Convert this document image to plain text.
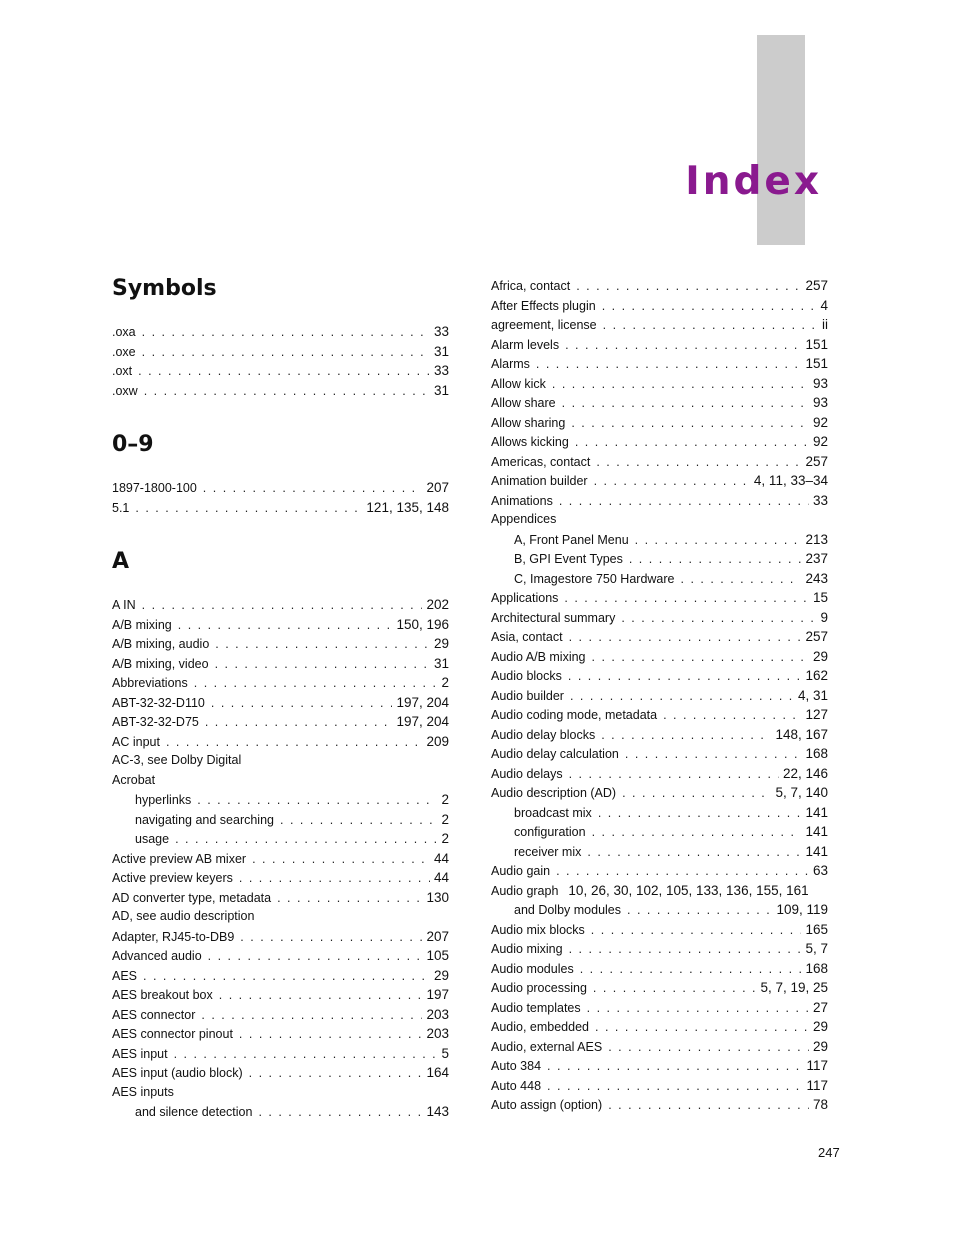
Index
Symbols
.oxa . . .	33
.oxe . . .	31
.oxt . . .	33
.oxw . . .	31
0–9
1897-1800-100 . . .	207
5.1 . . .	121, 135, 148
A
A IN . . .	202
A/B mixing . . .	150, 196
A/B mixing, audio . . .	29
A/B mixing, video . . .	31
Abbreviations . . .	2
ABT-32-32-D110 . . .	197, 204
ABT-32-32-D75 . . .	197, 204
AC input . . .	209
AC-3, see Dolby Digital
Acrobat
hyperlinks . . .	2
navigating and searching . . .	2
usage . . .	2
Active preview AB mixer . . .	44
Active preview keyers . . .	44
AD converter type, metadata . . .	130
AD, see audio description
Adapter, RJ45-to-DB9 . . .	207
Advanced audio . . .	105
AES . . .	29
AES breakout box . . .	197
AES connector . . .	203
AES connector pinout . . .	203
AES input . . .	5
AES input (audio block) . . .	164
AES inputs
and silence detection . . .	143
Africa, contact . . .	257
After Effects plugin . . .	4
agreement, license . . .	ii
Alarm levels . . .	151
Alarms . . .	151
Allow kick . . .	93
Allow share . . .	93
Allow sharing . . .	92
Allows kicking . . .	92
Americas, contact . . .	257
Animation builder . . .	4, 11, 33–34
Animations . . .	33
Appendices
A, Front Panel Menu . . .	213
B, GPI Event Types . . .	237
C, Imagestore 750 Hardware . . .	243
Applications . . .	15
Architectural summary . . .	9
Asia, contact . . .	257
Audio A/B mixing . . .	29
Audio blocks . . .	162
Audio builder . . .	4, 31
Audio coding mode, metadata . . .	127
Audio delay blocks . . .	148, 167
Audio delay calculation . . .	168
Audio delays . . .	22, 146
Audio description (AD) . . .	5, 7, 140
broadcast mix . . .	141
configuration . . .	141
receiver mix . . .	141
Audio gain . . .	63
Audio graph 10, 26, 30, 102, 105, 133, 136, 155, 161
and Dolby modules . . .	109, 119
Audio mix blocks . . .	165
Audio mixing . . .	5, 7
Audio modules . . .	168
Audio processing . . .	5, 7, 19, 25
Audio templates . . .	27
Audio, embedded . . .	29
Audio, external AES . . .	29
Auto 384 . . .	117
Auto 448 . . .	117
Auto assign (option) . . .	78

247
